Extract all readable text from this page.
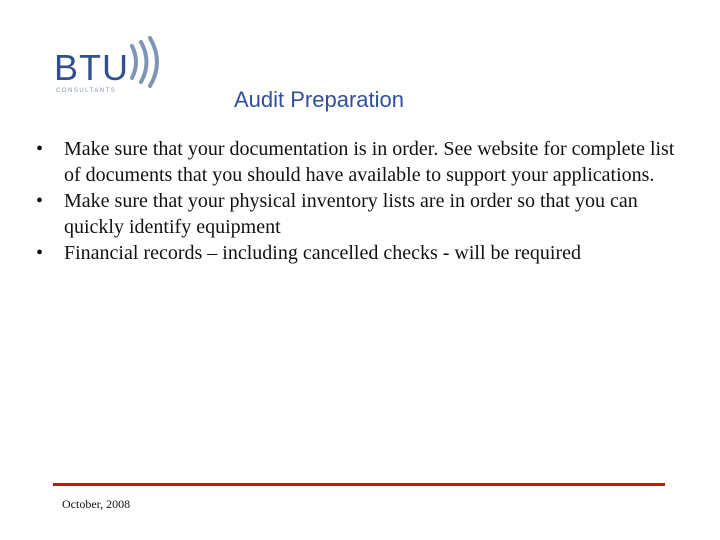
BTU
CONSULTANTS	Audit Preparation
•	Make sure that your documentation is in order. See website for complete list of documents that you should have available to support your applications.
•	Make sure that your physical inventory lists are in order so that you can quickly identify equipment
•	Financial records – including cancelled checks - will be required
October, 2008
